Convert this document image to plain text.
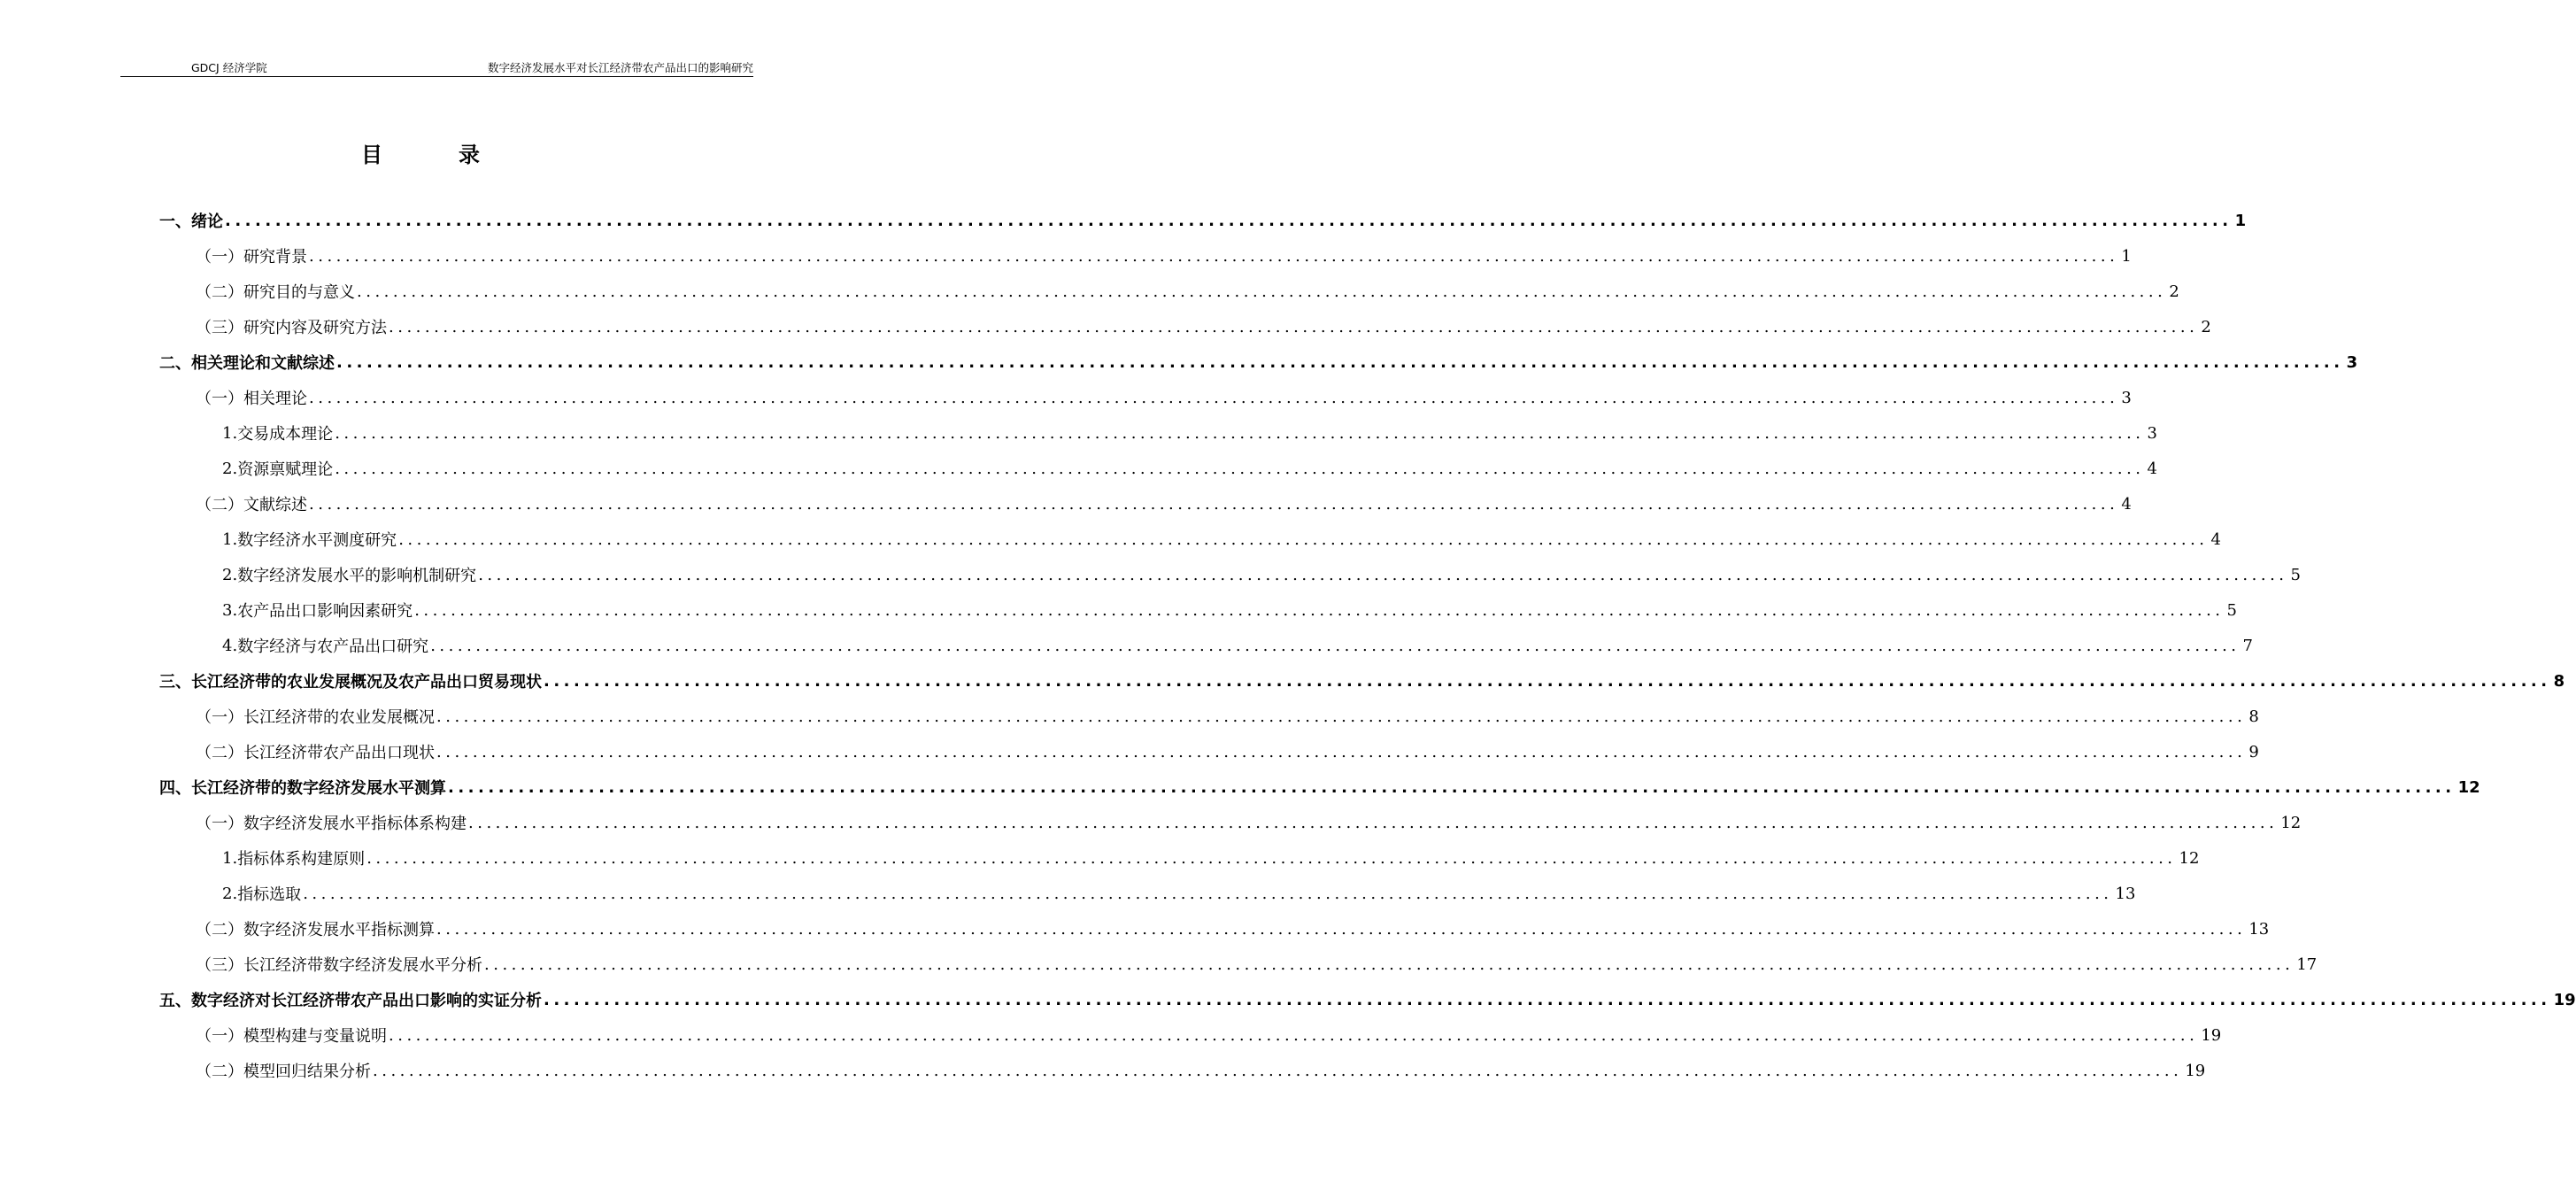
GDCJ 经济学院	数字经济发展水平对长江经济带农产品出口的影响研究
目	录
一、 绪论 ........................................................................................................................................................................................................ 1
（一）研究背景 ........................................................................................................................................................................................................ 1
（二）研究目的与意义 ........................................................................................................................................................................................................ 2
（三）研究内容及研究方法 ........................................................................................................................................................................................................ 2
二、 相关理论和文献综述 ........................................................................................................................................................................................................ 3
（一）相关理论 ........................................................................................................................................................................................................ 3
1. 交易成本理论 ........................................................................................................................................................................................................ 3
2. 资源禀赋理论 ........................................................................................................................................................................................................ 4
（二）文献综述 ........................................................................................................................................................................................................ 4
1. 数字经济水平测度研究 ........................................................................................................................................................................................................ 4
2. 数字经济发展水平的影响机制研究 ........................................................................................................................................................................................................ 5
3. 农产品出口影响因素研究 ........................................................................................................................................................................................................ 5
4. 数字经济与农产品出口研究 ........................................................................................................................................................................................................ 7
三、 长江经济带的农业发展概况及农产品出口贸易现状 ........................................................................................................................................................................................................ 8
（一）长江经济带的农业发展概况 ........................................................................................................................................................................................................ 8
（二）长江经济带农产品出口现状 ........................................................................................................................................................................................................ 9
四、 长江经济带的数字经济发展水平测算 ........................................................................................................................................................................................................ 12
（一）数字经济发展水平指标体系构建 ........................................................................................................................................................................................................ 12
1. 指标体系构建原则 ........................................................................................................................................................................................................ 12
2. 指标选取 ........................................................................................................................................................................................................ 13
（二）数字经济发展水平指标测算 ........................................................................................................................................................................................................ 13
（三）长江经济带数字经济发展水平分析 ........................................................................................................................................................................................................ 17
五、 数字经济对长江经济带农产品出口影响的实证分析 ........................................................................................................................................................................................................ 19
（一）模型构建与变量说明 ........................................................................................................................................................................................................ 19
（二）模型回归结果分析 ........................................................................................................................................................................................................ 19
